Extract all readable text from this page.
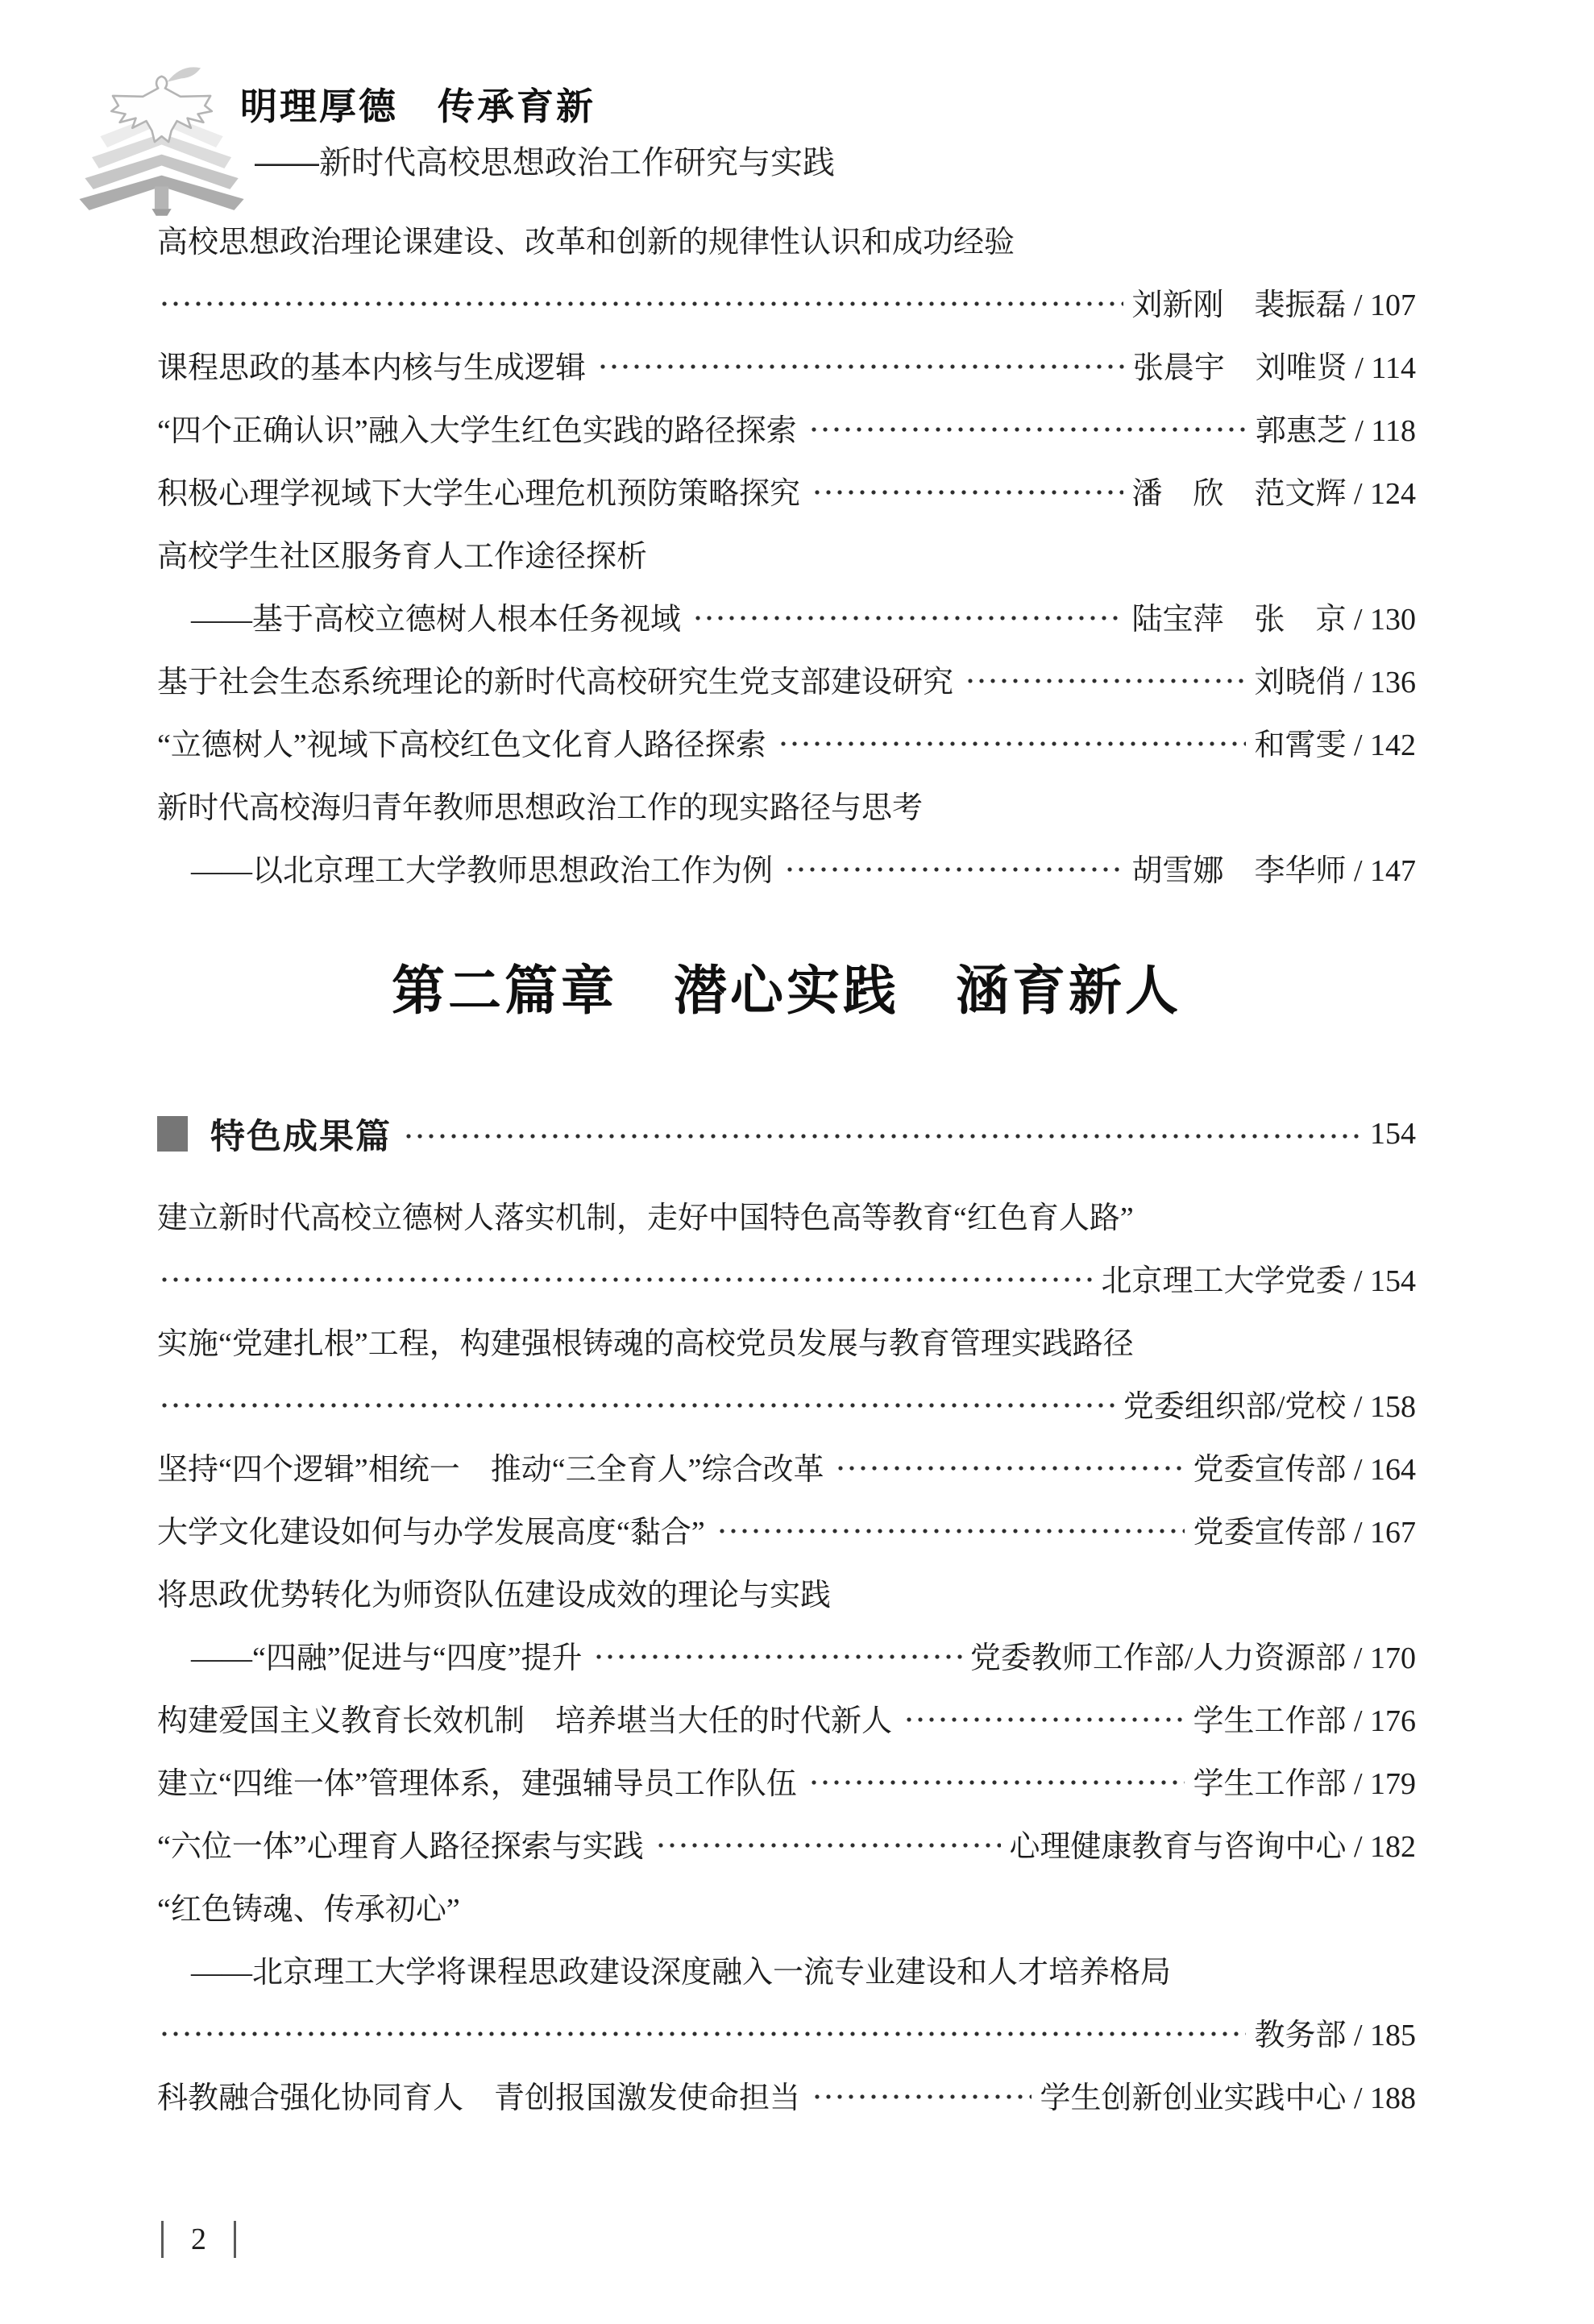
明理厚德　传承育新
——新时代高校思想政治工作研究与实践
高校思想政治理论课建设、改革和创新的规律性认识和成功经验
刘新刚　裴振磊 / 107
课程思政的基本内核与生成逻辑	张晨宇　刘唯贤 / 114
“四个正确认识”融入大学生红色实践的路径探索	郭惠芝 / 118
积极心理学视域下大学生心理危机预防策略探究	潘　欣　范文辉 / 124
高校学生社区服务育人工作途径探析
——基于高校立德树人根本任务视域	陆宝萍　张　京 / 130
基于社会生态系统理论的新时代高校研究生党支部建设研究	刘晓俏 / 136
“立德树人”视域下高校红色文化育人路径探索	和霄雯 / 142
新时代高校海归青年教师思想政治工作的现实路径与思考
——以北京理工大学教师思想政治工作为例	胡雪娜　李华师 / 147
第二篇章　潜心实践　涵育新人
特色成果篇	154
建立新时代高校立德树人落实机制，走好中国特色高等教育“红色育人路”
北京理工大学党委 / 154
实施“党建扎根”工程，构建强根铸魂的高校党员发展与教育管理实践路径
党委组织部/党校 / 158
坚持“四个逻辑”相统一　推动“三全育人”综合改革	党委宣传部 / 164
大学文化建设如何与办学发展高度“黏合”	党委宣传部 / 167
将思政优势转化为师资队伍建设成效的理论与实践
——“四融”促进与“四度”提升	党委教师工作部/人力资源部 / 170
构建爱国主义教育长效机制　培养堪当大任的时代新人	学生工作部 / 176
建立“四维一体”管理体系，建强辅导员工作队伍	学生工作部 / 179
“六位一体”心理育人路径探索与实践	心理健康教育与咨询中心 / 182
“红色铸魂、传承初心”
——北京理工大学将课程思政建设深度融入一流专业建设和人才培养格局
教务部 / 185
科教融合强化协同育人　青创报国激发使命担当	学生创新创业实践中心 / 188
2
